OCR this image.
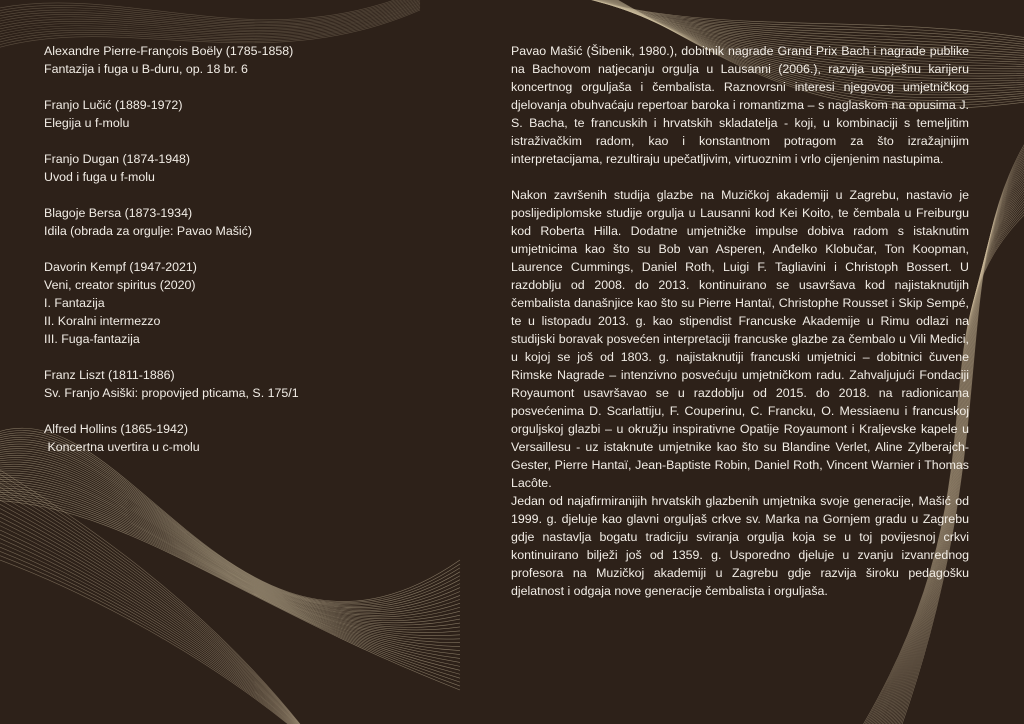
Alexandre Pierre-François Boëly (1785-1858)
Fantazija i fuga u B-duru, op. 18 br. 6
Franjo Lučić (1889-1972)
Elegija u f-molu
Franjo Dugan (1874-1948)
Uvod i fuga u f-molu
Blagoje Bersa (1873-1934)
Idila (obrada za orgulje: Pavao Mašić)
Davorin Kempf (1947-2021)
Veni, creator spiritus (2020)
I. Fantazija
II. Koralni intermezzo
III. Fuga-fantazija
Franz Liszt (1811-1886)
Sv. Franjo Asiški: propovijed pticama, S. 175/1
Alfred Hollins (1865-1942)
Koncertna uvertira u c-molu

Pavao Mašić (Šibenik, 1980.), dobitnik nagrade Grand Prix Bach i nagrade publike na Bachovom natjecanju orgulja u Lausanni (2006.), razvija uspješnu karijeru koncertnog orguljaša i čembalista. Raznovrsni interesi njegovog umjetničkog djelovanja obuhvaćaju repertoar baroka i romantizma – s naglaskom na opusima J. S. Bacha, te francuskih i hrvatskih skladatelja - koji, u kombinaciji s temeljitim istraživačkim radom, kao i konstantnom potragom za što izražajnijim interpretacijama, rezultiraju upečatljivim, virtuoznim i vrlo cijenjenim nastupima.

Nakon završenih studija glazbe na Muzičkoj akademiji u Zagrebu, nastavio je poslijediplomske studije orgulja u Lausanni kod Kei Koito, te čembala u Freiburgu kod Roberta Hilla. Dodatne umjetničke impulse dobiva radom s istaknutim umjetnicima kao što su Bob van Asperen, Anđelko Klobučar, Ton Koopman, Laurence Cummings, Daniel Roth, Luigi F. Tagliavini i Christoph Bossert. U razdoblju od 2008. do 2013. kontinuirano se usavršava kod najistaknutijih čembalista današnjice kao što su Pierre Hantaï, Christophe Rousset i Skip Sempé, te u listopadu 2013. g. kao stipendist Francuske Akademije u Rimu odlazi na studijski boravak posvećen interpretaciji francuske glazbe za čembalo u Vili Medici, u kojoj se još od 1803. g. najistaknutiji francuski umjetnici – dobitnici čuvene Rimske Nagrade – intenzivno posvećuju umjetničkom radu. Zahvaljujući Fondaciji Royaumont usavršavao se u razdoblju od 2015. do 2018. na radionicama posvećenima D. Scarlattiju, F. Couperinu, C. Francku, O. Messiaenu i francuskoj orguljskoj glazbi – u okružju inspirativne Opatije Royaumont i Kraljevske kapele u Versaillesu - uz istaknute umjetnike kao što su Blandine Verlet, Aline Zylberajch-Gester, Pierre Hantaï, Jean-Baptiste Robin, Daniel Roth, Vincent Warnier i Thomas Lacôte.

Jedan od najafirmiranijih hrvatskih glazbenih umjetnika svoje generacije, Mašić od 1999. g. djeluje kao glavni orguljaš crkve sv. Marka na Gornjem gradu u Zagrebu gdje nastavlja bogatu tradiciju sviranja orgulja koja se u toj povijesnoj crkvi kontinuirano bilježi još od 1359. g. Usporedno djeluje u zvanju izvanrednog profesora na Muzičkoj akademiji u Zagrebu gdje razvija široku pedagošku djelatnost i odgaja nove generacije čembalista i orguljaša.
